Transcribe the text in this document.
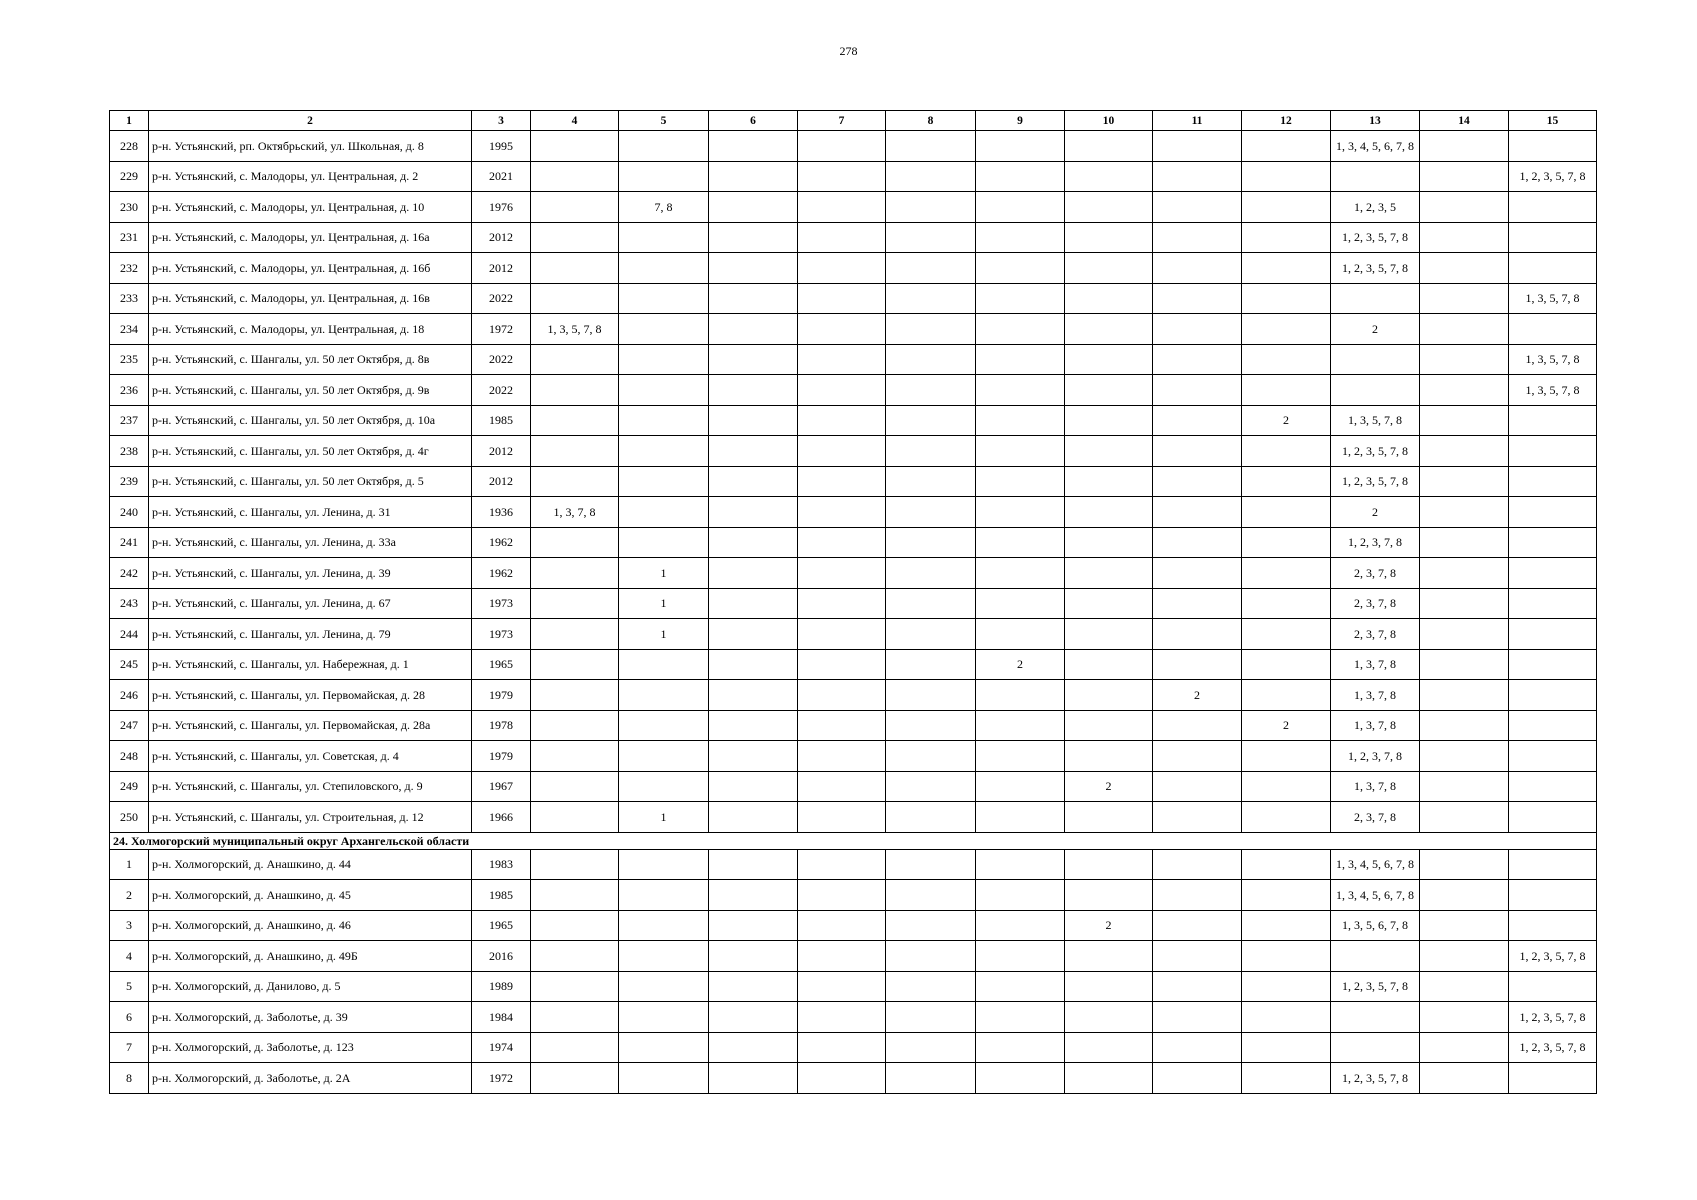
278
1	2	3	4	5	6	7	8	9	10	11	12	13	14	15
228	р-н. Устьянский, рп. Октябрьский, ул. Школьная, д. 8	1995										1, 3, 4, 5, 6, 7, 8		
229	р-н. Устьянский, с. Малодоры, ул. Центральная, д. 2	2021												1, 2, 3, 5, 7, 8
230	р-н. Устьянский, с. Малодоры, ул. Центральная, д. 10	1976		7, 8								1, 2, 3, 5		
231	р-н. Устьянский, с. Малодоры, ул. Центральная, д. 16а	2012										1, 2, 3, 5, 7, 8		
232	р-н. Устьянский, с. Малодоры, ул. Центральная, д. 16б	2012										1, 2, 3, 5, 7, 8		
233	р-н. Устьянский, с. Малодоры, ул. Центральная, д. 16в	2022												1, 3, 5, 7, 8
234	р-н. Устьянский, с. Малодоры, ул. Центральная, д. 18	1972	1, 3, 5, 7, 8									2		
235	р-н. Устьянский, с. Шангалы, ул. 50 лет Октября, д. 8в	2022												1, 3, 5, 7, 8
236	р-н. Устьянский, с. Шангалы, ул. 50 лет Октября, д. 9в	2022												1, 3, 5, 7, 8
237	р-н. Устьянский, с. Шангалы, ул. 50 лет Октября, д. 10а	1985									2	1, 3, 5, 7, 8		
238	р-н. Устьянский, с. Шангалы, ул. 50 лет Октября, д. 4г	2012										1, 2, 3, 5, 7, 8		
239	р-н. Устьянский, с. Шангалы, ул. 50 лет Октября, д. 5	2012										1, 2, 3, 5, 7, 8		
240	р-н. Устьянский, с. Шангалы, ул. Ленина, д. 31	1936	1, 3, 7, 8									2		
241	р-н. Устьянский, с. Шангалы, ул. Ленина, д. 33а	1962										1, 2, 3, 7, 8		
242	р-н. Устьянский, с. Шангалы, ул. Ленина, д. 39	1962		1								2, 3, 7, 8		
243	р-н. Устьянский, с. Шангалы, ул. Ленина, д. 67	1973		1								2, 3, 7, 8		
244	р-н. Устьянский, с. Шангалы, ул. Ленина, д. 79	1973		1								2, 3, 7, 8		
245	р-н. Устьянский, с. Шангалы, ул. Набережная, д. 1	1965						2				1, 3, 7, 8		
246	р-н. Устьянский, с. Шангалы, ул. Первомайская, д. 28	1979								2		1, 3, 7, 8		
247	р-н. Устьянский, с. Шангалы, ул. Первомайская, д. 28а	1978									2	1, 3, 7, 8		
248	р-н. Устьянский, с. Шангалы, ул. Советская, д. 4	1979										1, 2, 3, 7, 8		
249	р-н. Устьянский, с. Шангалы, ул. Степиловского, д. 9	1967							2			1, 3, 7, 8		
250	р-н. Устьянский, с. Шангалы, ул. Строительная, д. 12	1966		1								2, 3, 7, 8		
24. Холмогорский муниципальный округ Архангельской области														
1	р-н. Холмогорский, д. Анашкино, д. 44	1983										1, 3, 4, 5, 6, 7, 8		
2	р-н. Холмогорский, д. Анашкино, д. 45	1985										1, 3, 4, 5, 6, 7, 8		
3	р-н. Холмогорский, д. Анашкино, д. 46	1965							2			1, 3, 5, 6, 7, 8		
4	р-н. Холмогорский, д. Анашкино, д. 49Б	2016												1, 2, 3, 5, 7, 8
5	р-н. Холмогорский, д. Данилово, д. 5	1989										1, 2, 3, 5, 7, 8		
6	р-н. Холмогорский, д. Заболотье, д. 39	1984												1, 2, 3, 5, 7, 8
7	р-н. Холмогорский, д. Заболотье, д. 123	1974												1, 2, 3, 5, 7, 8
8	р-н. Холмогорский, д. Заболотье, д. 2А	1972										1, 2, 3, 5, 7, 8		
